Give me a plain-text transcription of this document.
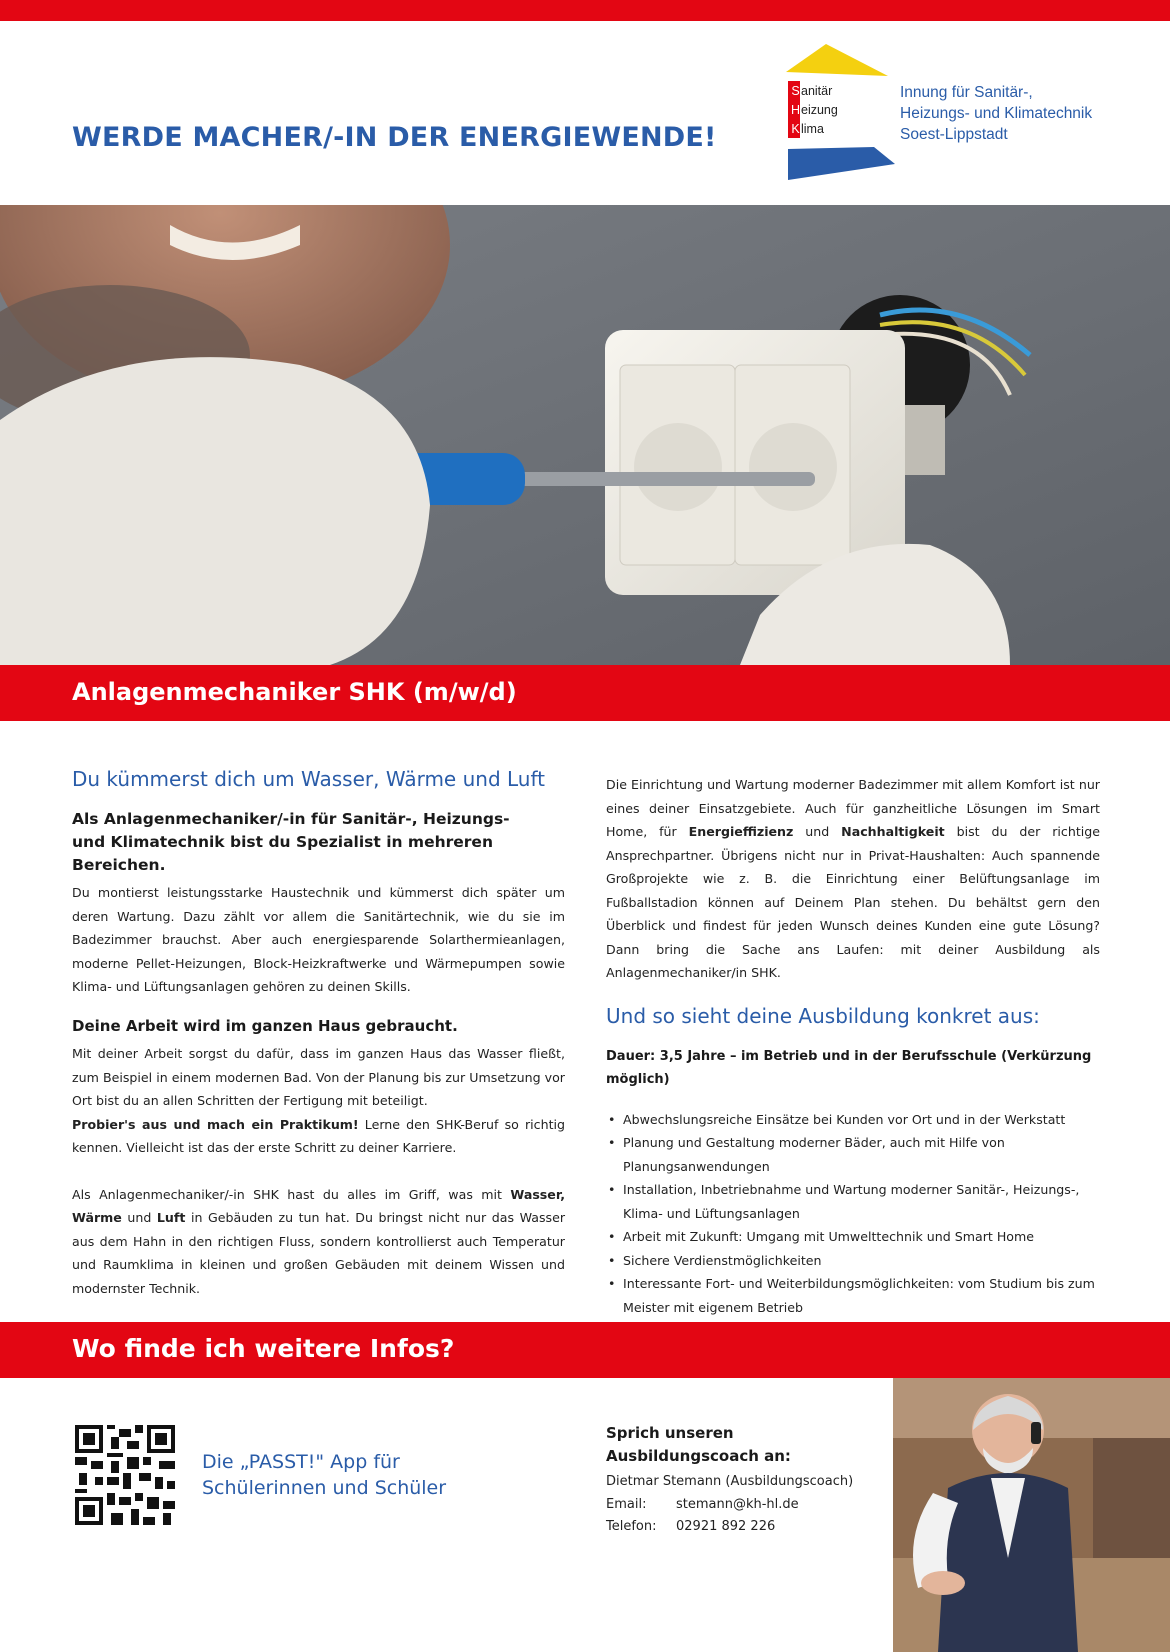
WERDE MACHER/-IN DER ENERGIEWENDE!
Sanitär
Heizung
Klima
Innung für Sanitär-,
Heizungs- und Klimatechnik
Soest-Lippstadt
Anlagenmechaniker SHK (m/w/d)
Du kümmerst dich um Wasser, Wärme und Luft
Als Anlagenmechaniker/-in für Sanitär-, Heizungs-
und Klimatechnik bist du Spezialist in mehreren Bereichen.

Du montierst leistungsstarke Haustechnik und kümmerst dich später um deren Wartung. Dazu zählt vor allem die Sanitärtechnik, wie du sie im Badezimmer brauchst. Aber auch energiesparende Solarthermieanlagen, moderne Pellet-Heizungen, Block-Heizkraftwerke und Wärmepumpen sowie Klima- und Lüftungsanlagen gehören zu deinen Skills.

Deine Arbeit wird im ganzen Haus gebraucht.

Mit deiner Arbeit sorgst du dafür, dass im ganzen Haus das Wasser fließt, zum Beispiel in einem modernen Bad. Von der Planung bis zur Umsetzung vor Ort bist du an allen Schritten der Fertigung mit beteiligt.

Probier's aus und mach ein Praktikum! Lerne den SHK-Beruf so richtig kennen. Vielleicht ist das der erste Schritt zu deiner Karriere.

Als Anlagenmechaniker/-in SHK hast du alles im Griff, was mit Wasser, Wärme und Luft in Gebäuden zu tun hat. Du bringst nicht nur das Wasser aus dem Hahn in den richtigen Fluss, sondern kontrollierst auch Temperatur und Raumklima in kleinen und großen Gebäuden mit deinem Wissen und modernster Technik.

Die Einrichtung und Wartung moderner Badezimmer mit allem Komfort ist nur eines deiner Einsatzgebiete. Auch für ganzheitliche Lösungen im Smart Home, für Energieffizienz und Nachhaltigkeit bist du der richtige Ansprechpartner. Übrigens nicht nur in Privat-Haushalten: Auch spannende Großprojekte wie z. B. die Einrichtung einer Belüftungsanlage im Fußballstadion können auf Deinem Plan stehen. Du behältst gern den Überblick und findest für jeden Wunsch deines Kunden eine gute Lösung? Dann bring die Sache ans Laufen: mit deiner Ausbildung als Anlagenmechaniker/in SHK.

Und so sieht deine Ausbildung konkret aus:
Dauer: 3,5 Jahre – im Betrieb und in der Berufsschule (Verkürzung möglich)
• Abwechslungsreiche Einsätze bei Kunden vor Ort und in der Werkstatt
• Planung und Gestaltung moderner Bäder, auch mit Hilfe von Planungsanwendungen
• Installation, Inbetriebnahme und Wartung moderner Sanitär-, Heizungs-, Klima- und Lüftungsanlagen
• Arbeit mit Zukunft: Umgang mit Umwelttechnik und Smart Home
• Sichere Verdienstmöglichkeiten
• Interessante Fort- und Weiterbildungsmöglichkeiten: vom Studium bis zum Meister mit eigenem Betrieb
Wo finde ich weitere Infos?
Die „PASST!" App für
Schülerinnen und Schüler
Sprich unseren
Ausbildungscoach an:
Dietmar Stemann (Ausbildungscoach)
Email: stemann@kh-hl.de
Telefon: 02921 892 226
